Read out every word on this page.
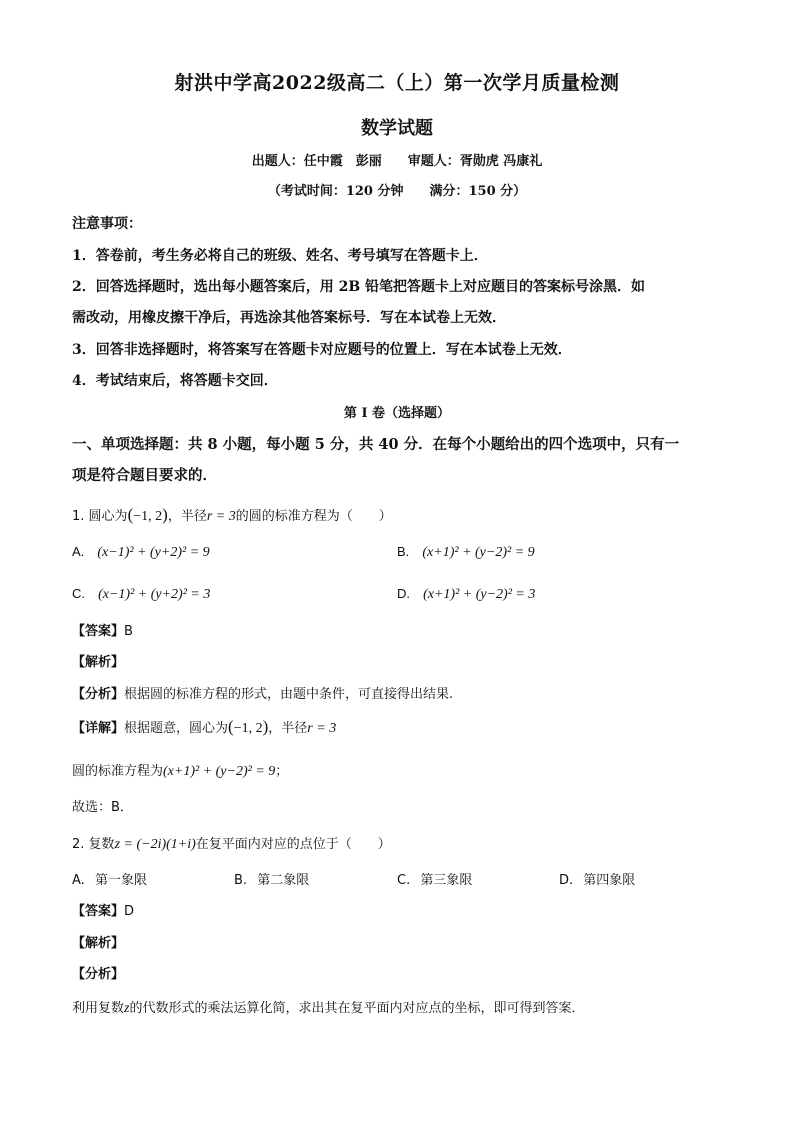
射洪中学高2022级高二（上）第一次学月质量检测
数学试题
出题人：任中霞　彭丽　　审题人：胥勋虎 冯康礼
（考试时间：120 分钟　　满分：150 分）
注意事项：
1．答卷前，考生务必将自己的班级、姓名、考号填写在答题卡上．
2．回答选择题时，选出每小题答案后，用 2B 铅笔把答题卡上对应题目的答案标号涂黑．如
需改动，用橡皮擦干净后，再选涂其他答案标号．写在本试卷上无效．
3．回答非选择题时，将答案写在答题卡对应题号的位置上．写在本试卷上无效．
4．考试结束后，将答题卡交回．
第 I 卷（选择题）
一、单项选择题：共 8 小题，每小题 5 分，共 40 分．在每个小题给出的四个选项中，只有一
项是符合题目要求的．
1. 圆心为(−1, 2)，半径r = 3的圆的标准方程为（　　）
A. (x−1)² + (y+2)² = 9	B. (x+1)² + (y−2)² = 9
C. (x−1)² + (y+2)² = 3	D. (x+1)² + (y−2)² = 3
【答案】B
【解析】
【分析】根据圆的标准方程的形式，由题中条件，可直接得出结果.
【详解】根据题意，圆心为(−1, 2)，半径r = 3
圆的标准方程为(x+1)² + (y−2)² = 9；
故选：B．
2. 复数z = (−2i)(1+i)在复平面内对应的点位于（　　）
A. 第一象限	B. 第二象限	C. 第三象限	D. 第四象限
【答案】D
【解析】
【分析】
利用复数z的代数形式的乘法运算化简，求出其在复平面内对应点的坐标，即可得到答案．
